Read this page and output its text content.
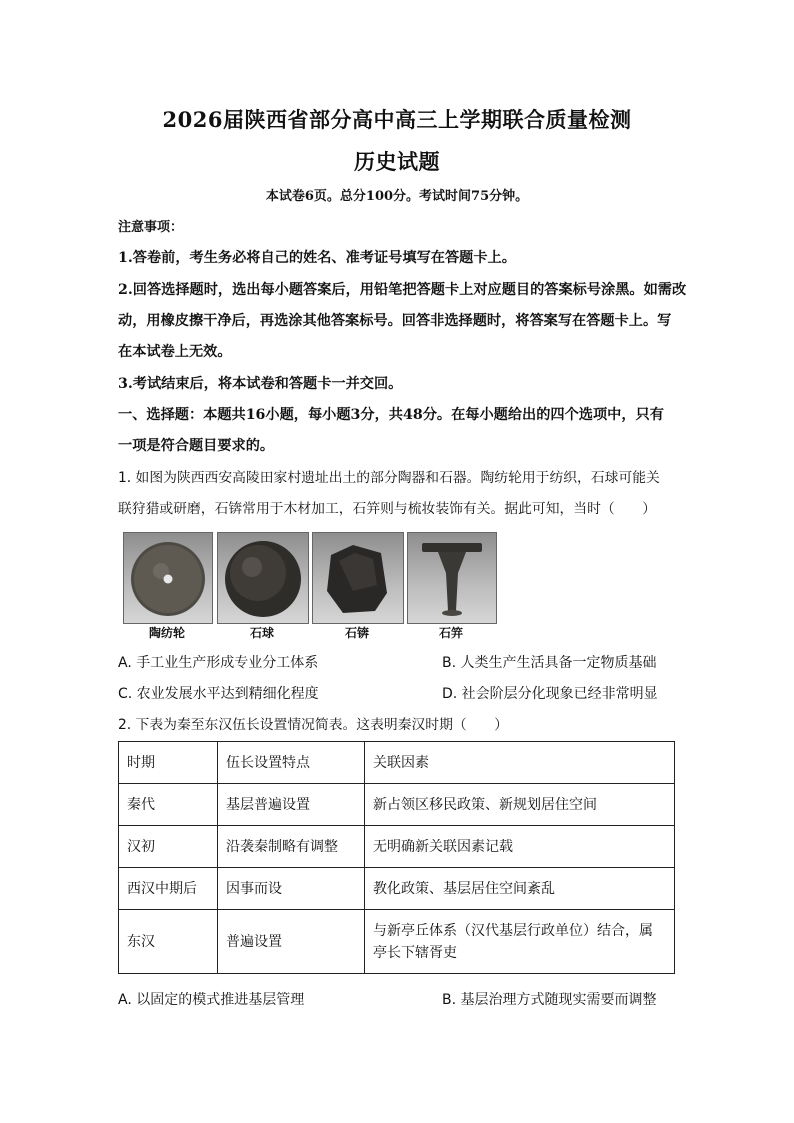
2026届陕西省部分高中高三上学期联合质量检测
历史试题
本试卷6页。总分100分。考试时间75分钟。
注意事项：
1.答卷前，考生务必将自己的姓名、准考证号填写在答题卡上。
2.回答选择题时，选出每小题答案后，用铅笔把答题卡上对应题目的答案标号涂黑。如需改
动，用橡皮擦干净后，再选涂其他答案标号。回答非选择题时，将答案写在答题卡上。写
在本试卷上无效。
3.考试结束后，将本试卷和答题卡一并交回。
一、选择题：本题共16小题，每小题3分，共48分。在每小题给出的四个选项中，只有
一项是符合题目要求的。
1. 如图为陕西西安高陵田家村遗址出土的部分陶器和石器。陶纺轮用于纺织，石球可能关
联狩猎或研磨，石锛常用于木材加工，石笄则与梳妆装饰有关。据此可知，当时（　　）
陶纺轮	石球	石锛	石笄
A. 手工业生产形成专业分工体系	B. 人类生产生活具备一定物质基础
C. 农业发展水平达到精细化程度	D. 社会阶层分化现象已经非常明显
2. 下表为秦至东汉伍长设置情况简表。这表明秦汉时期（　　）
时期	伍长设置特点	关联因素
秦代	基层普遍设置	新占领区移民政策、新规划居住空间
汉初	沿袭秦制略有调整	无明确新关联因素记载
西汉中期后	因事而设	教化政策、基层居住空间紊乱
东汉	普遍设置	与新亭丘体系（汉代基层行政单位）结合，属
亭长下辖胥吏
A. 以固定的模式推进基层管理	B. 基层治理方式随现实需要而调整
